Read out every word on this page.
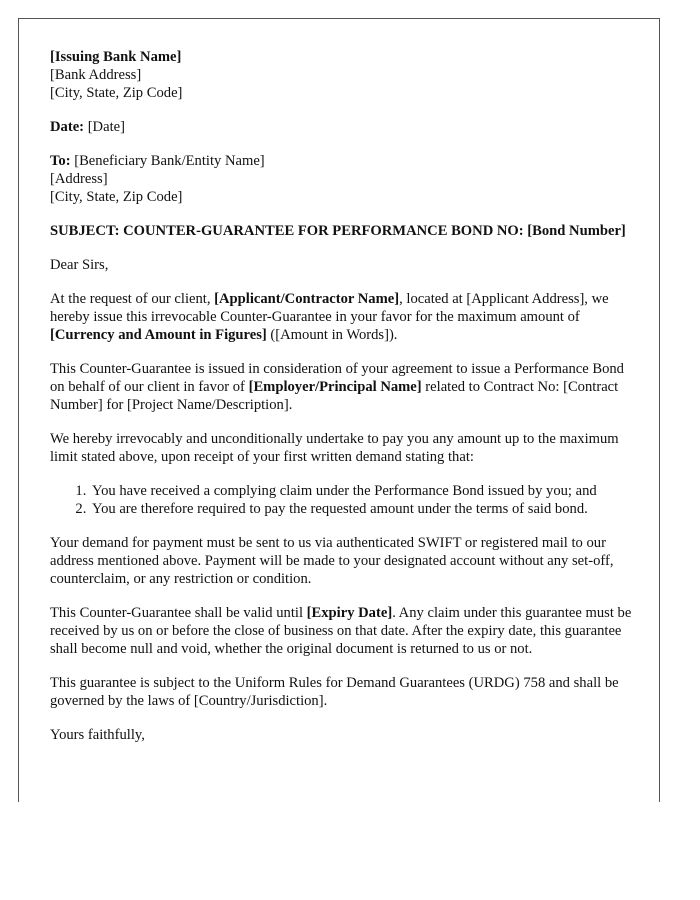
[Issuing Bank Name]
[Bank Address]
[City, State, Zip Code]

Date: [Date]

To: [Beneficiary Bank/Entity Name]
[Address]
[City, State, Zip Code]

SUBJECT: COUNTER-GUARANTEE FOR PERFORMANCE BOND NO: [Bond Number]

Dear Sirs,

At the request of our client, [Applicant/Contractor Name], located at [Applicant Address], we hereby issue this irrevocable Counter-Guarantee in your favor for the maximum amount of [Currency and Amount in Figures] ([Amount in Words]).

This Counter-Guarantee is issued in consideration of your agreement to issue a Performance Bond on behalf of our client in favor of [Employer/Principal Name] related to Contract No: [Contract Number] for [Project Name/Description].

We hereby irrevocably and unconditionally undertake to pay you any amount up to the maximum limit stated above, upon receipt of your first written demand stating that:

1. You have received a complying claim under the Performance Bond issued by you; and
2. You are therefore required to pay the requested amount under the terms of said bond.

Your demand for payment must be sent to us via authenticated SWIFT or registered mail to our address mentioned above. Payment will be made to your designated account without any set-off, counterclaim, or any restriction or condition.

This Counter-Guarantee shall be valid until [Expiry Date]. Any claim under this guarantee must be received by us on or before the close of business on that date. After the expiry date, this guarantee shall become null and void, whether the original document is returned to us or not.

This guarantee is subject to the Uniform Rules for Demand Guarantees (URDG) 758 and shall be governed by the laws of [Country/Jurisdiction].

Yours faithfully,
